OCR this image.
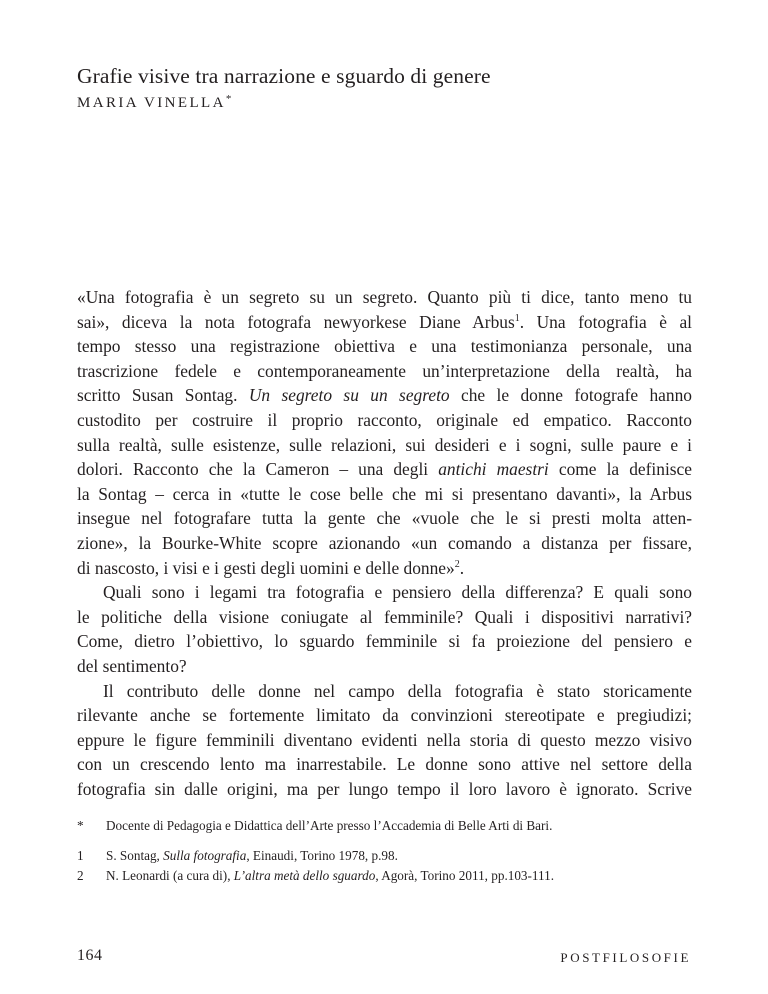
Grafie visive tra narrazione e sguardo di genere
MARIA VINELLA*
«Una fotografia è un segreto su un segreto. Quanto più ti dice, tanto meno tu
sai», diceva la nota fotografa newyorkese Diane Arbus$^1$. Una fotografia è al
tempo stesso una registrazione obiettiva e una testimonianza personale, una
trascrizione fedele e contemporaneamente un’interpretazione della realtà, ha
scritto Susan Sontag. Un segreto su un segreto che le donne fotografe hanno
custodito per costruire il proprio racconto, originale ed empatico. Racconto
sulla realtà, sulle esistenze, sulle relazioni, sui desideri e i sogni, sulle paure e i
dolori. Racconto che la Cameron – una degli antichi maestri come la definisce
la Sontag – cerca in «tutte le cose belle che mi si presentano davanti», la Arbus
insegue nel fotografare tutta la gente che «vuole che le si presti molta atten-
zione», la Bourke-White scopre azionando «un comando a distanza per fissare,
di nascosto, i visi e i gesti degli uomini e delle donne»$^2$.
Quali sono i legami tra fotografia e pensiero della differenza? E quali sono
le politiche della visione coniugate al femminile? Quali i dispositivi narrativi?
Come, dietro l’obiettivo, lo sguardo femminile si fa proiezione del pensiero e
del sentimento?
Il contributo delle donne nel campo della fotografia è stato storicamente
rilevante anche se fortemente limitato da convinzioni stereotipate e pregiudizi;
eppure le figure femminili diventano evidenti nella storia di questo mezzo visivo
con un crescendo lento ma inarrestabile. Le donne sono attive nel settore della
fotografia sin dalle origini, ma per lungo tempo il loro lavoro è ignorato. Scrive
*	Docente di Pedagogia e Didattica dell’Arte presso l’Accademia di Belle Arti di Bari.
1	S. Sontag, Sulla fotografia, Einaudi, Torino 1978, p.98.
2	N. Leonardi (a cura di), L’altra metà dello sguardo, Agorà, Torino 2011, pp.103-111.
164	POSTFILOSOFIE
